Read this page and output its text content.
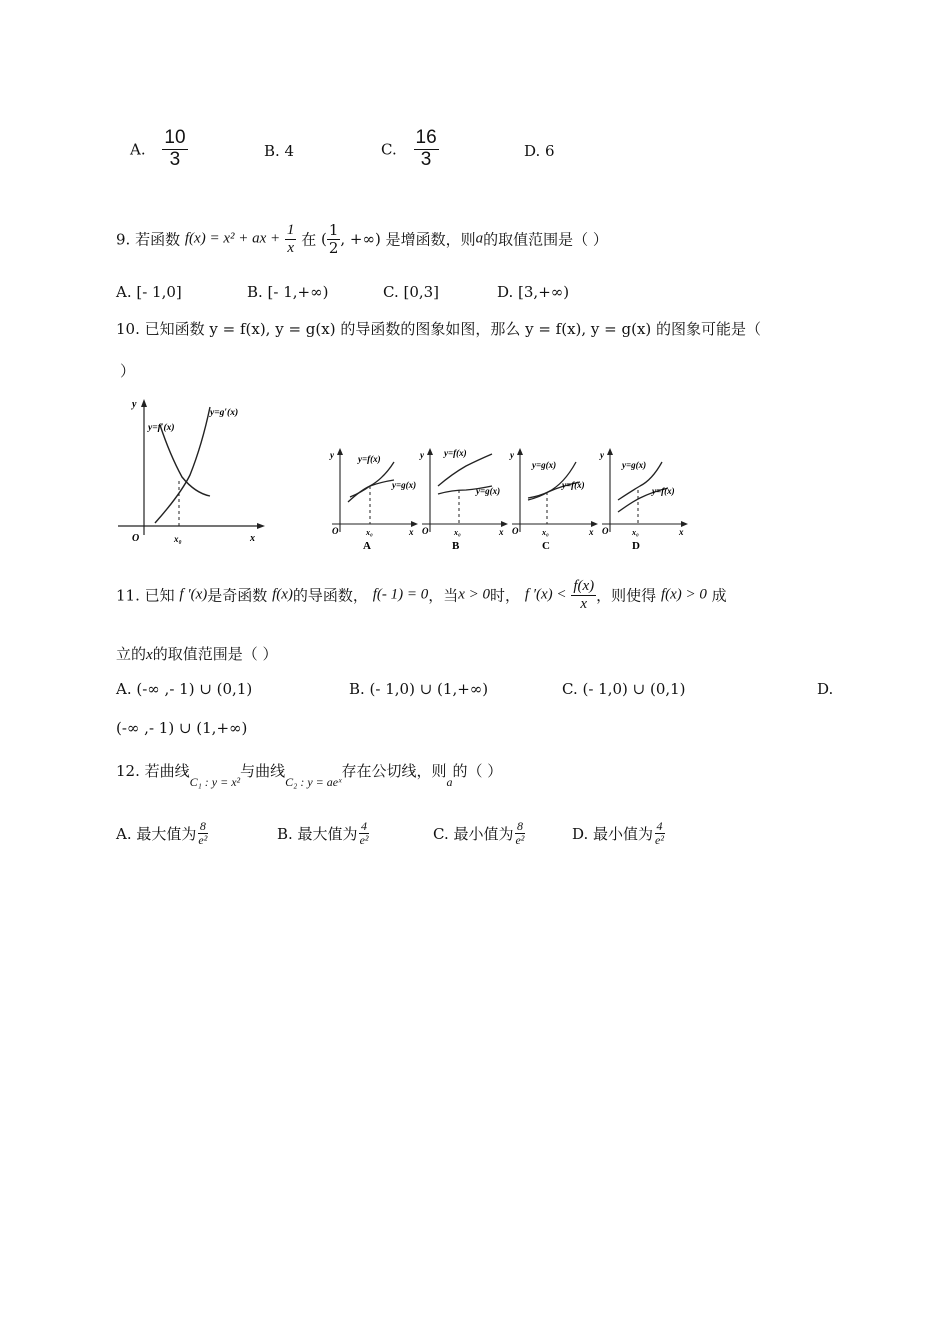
A. $\frac{10}{3}$	B. 4	C. $\frac{16}{3}$	D. 6
9. 若函数 f(x) = x² + ax + $\frac{1}{x}$ 在 ( $\frac{1}{2}$ , +∞) 是增函数，则a的取值范围是（ ）
A. [- 1,0]	B. [- 1,+∞)	C. [0,3]	D. [3,+∞)
10. 已知函数 y = f(x), y = g(x) 的导函数的图象如图，那么 y = f(x), y = g(x) 的图象可能是（
）
y
x
O	x₀
y=f′(x)
y=g′(x)
y
x
O	x₀
y=f(x)
y=g(x)
A
y
x
O	x₀
y=f(x)
y=g(x)
B
y
x
O	x₀
y=g(x)
y=f(x)
C
y
x
O	x₀
y=g(x)
y=f(x)
D
11. 已知 f ′(x)是奇函数 f(x)的导函数， f(- 1) = 0，当x > 0时， f $'(x) < \frac{f(x)}{x}$ ，则使得 f(x) > 0 成
立的x的取值范围是（ ）
A. (-∞ ,- 1) ∪ (0,1)	B. (- 1,0) ∪ (1,+∞)	C. (- 1,0) ∪ (0,1)	D.
(-∞ ,- 1) ∪ (1,+∞)
12. 若曲线$_{C_1 : y = x^2}$与曲线$_{C_2 : y = aeˣ}$存在公切线，则$_a$的（ ）
A. 最大值为 $\frac{8}{\text{e²}}$	B. 最大值为 $\frac{4}{\text{e²}}$	C. 最小值为 $\frac{8}{\text{e²}}$	D. 最小值为 $\frac{4}{\text{e²}}$
